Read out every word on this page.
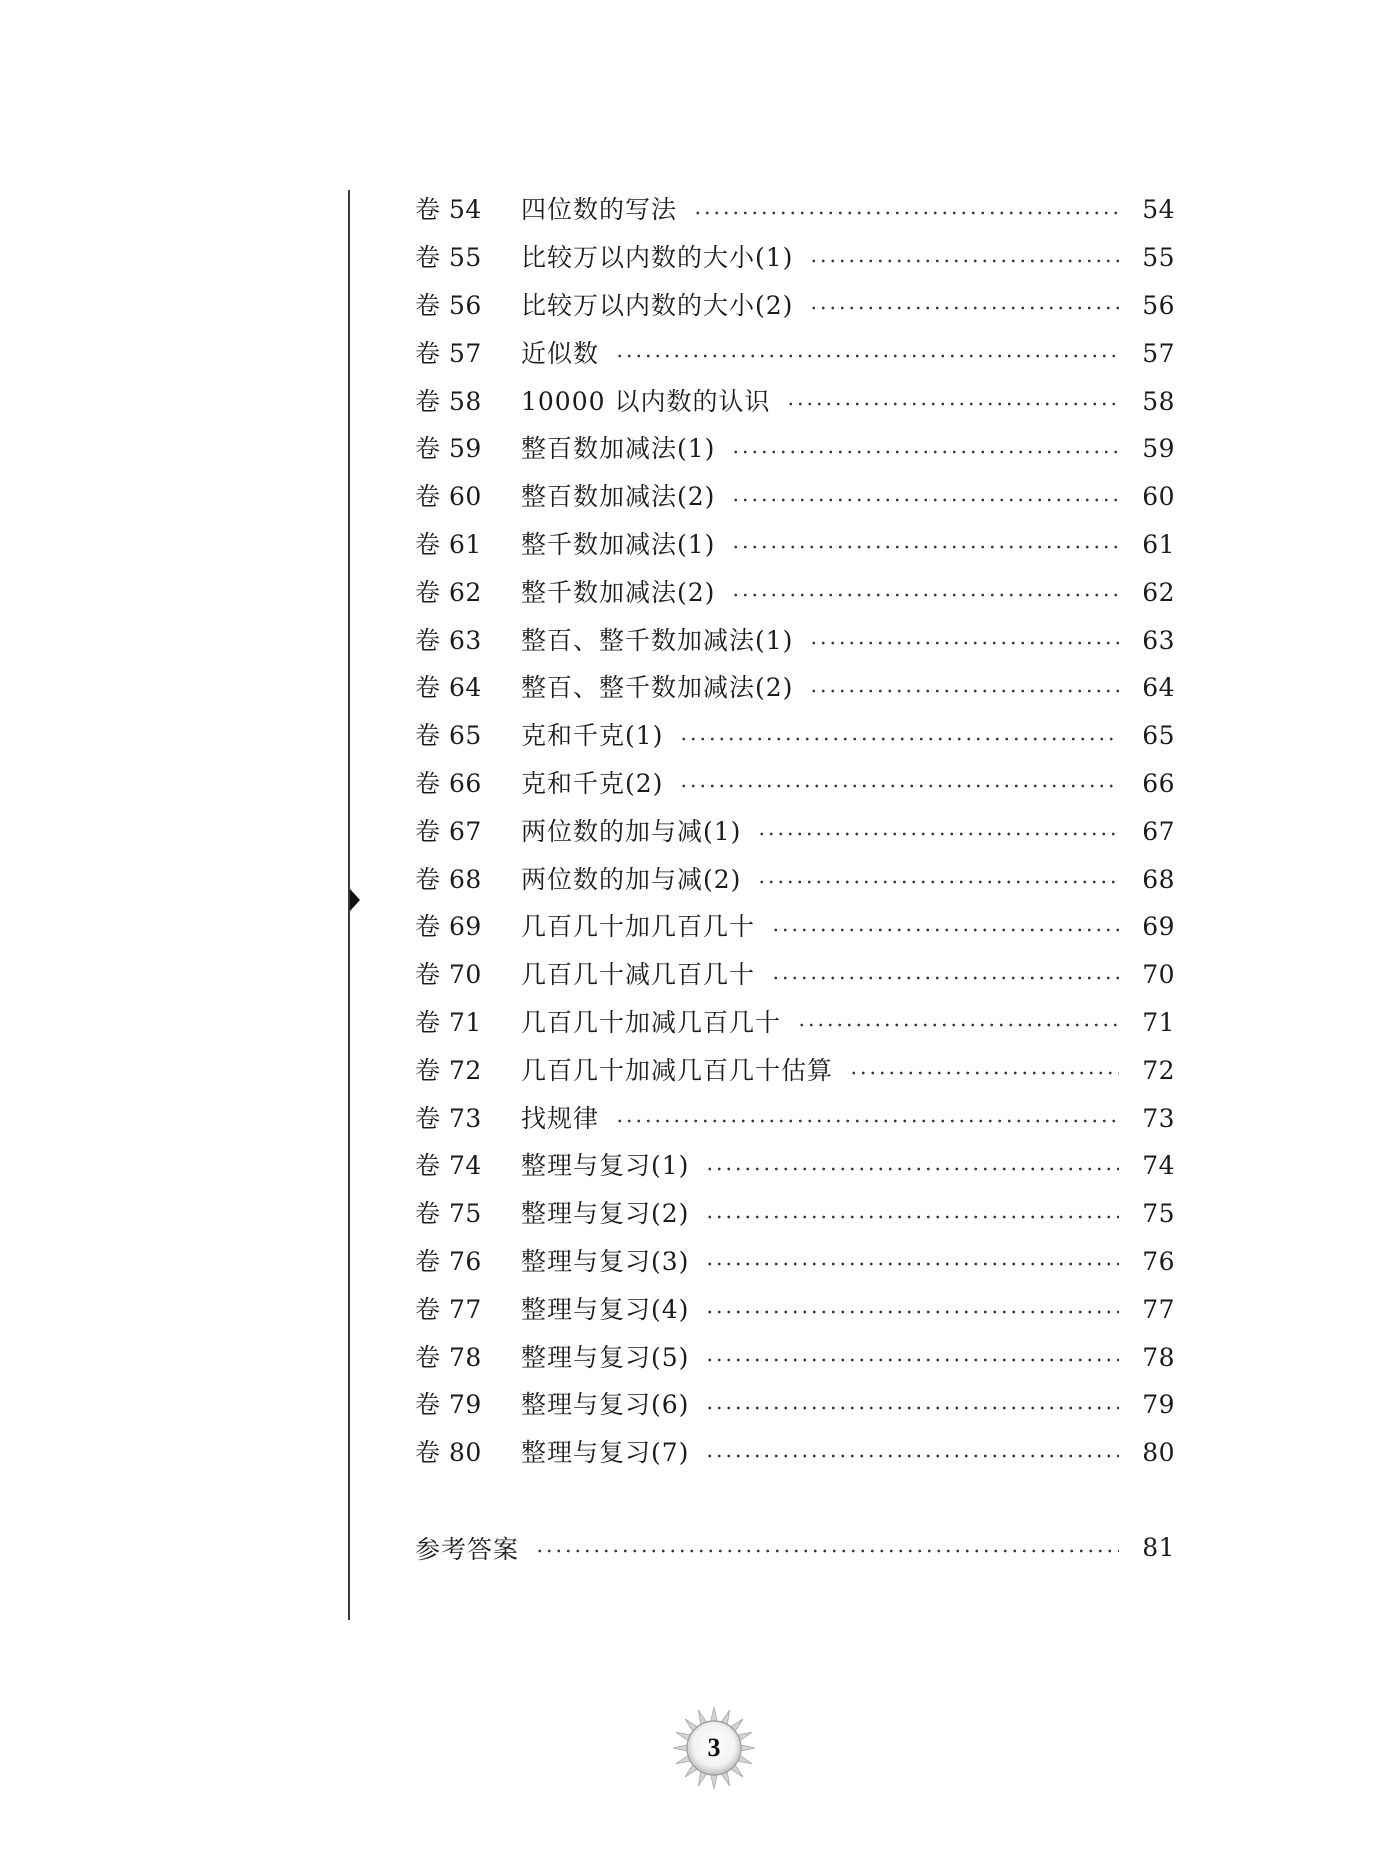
卷 54	四位数的写法	54
卷 55	比较万以内数的大小(1)	55
卷 56	比较万以内数的大小(2)	56
卷 57	近似数	57
卷 58	10000 以内数的认识	58
卷 59	整百数加减法(1)	59
卷 60	整百数加减法(2)	60
卷 61	整千数加减法(1)	61
卷 62	整千数加减法(2)	62
卷 63	整百、整千数加减法(1)	63
卷 64	整百、整千数加减法(2)	64
卷 65	克和千克(1)	65
卷 66	克和千克(2)	66
卷 67	两位数的加与减(1)	67
卷 68	两位数的加与减(2)	68
卷 69	几百几十加几百几十	69
卷 70	几百几十减几百几十	70
卷 71	几百几十加减几百几十	71
卷 72	几百几十加减几百几十估算	72
卷 73	找规律	73
卷 74	整理与复习(1)	74
卷 75	整理与复习(2)	75
卷 76	整理与复习(3)	76
卷 77	整理与复习(4)	77
卷 78	整理与复习(5)	78
卷 79	整理与复习(6)	79
卷 80	整理与复习(7)	80
参考答案	81
3
